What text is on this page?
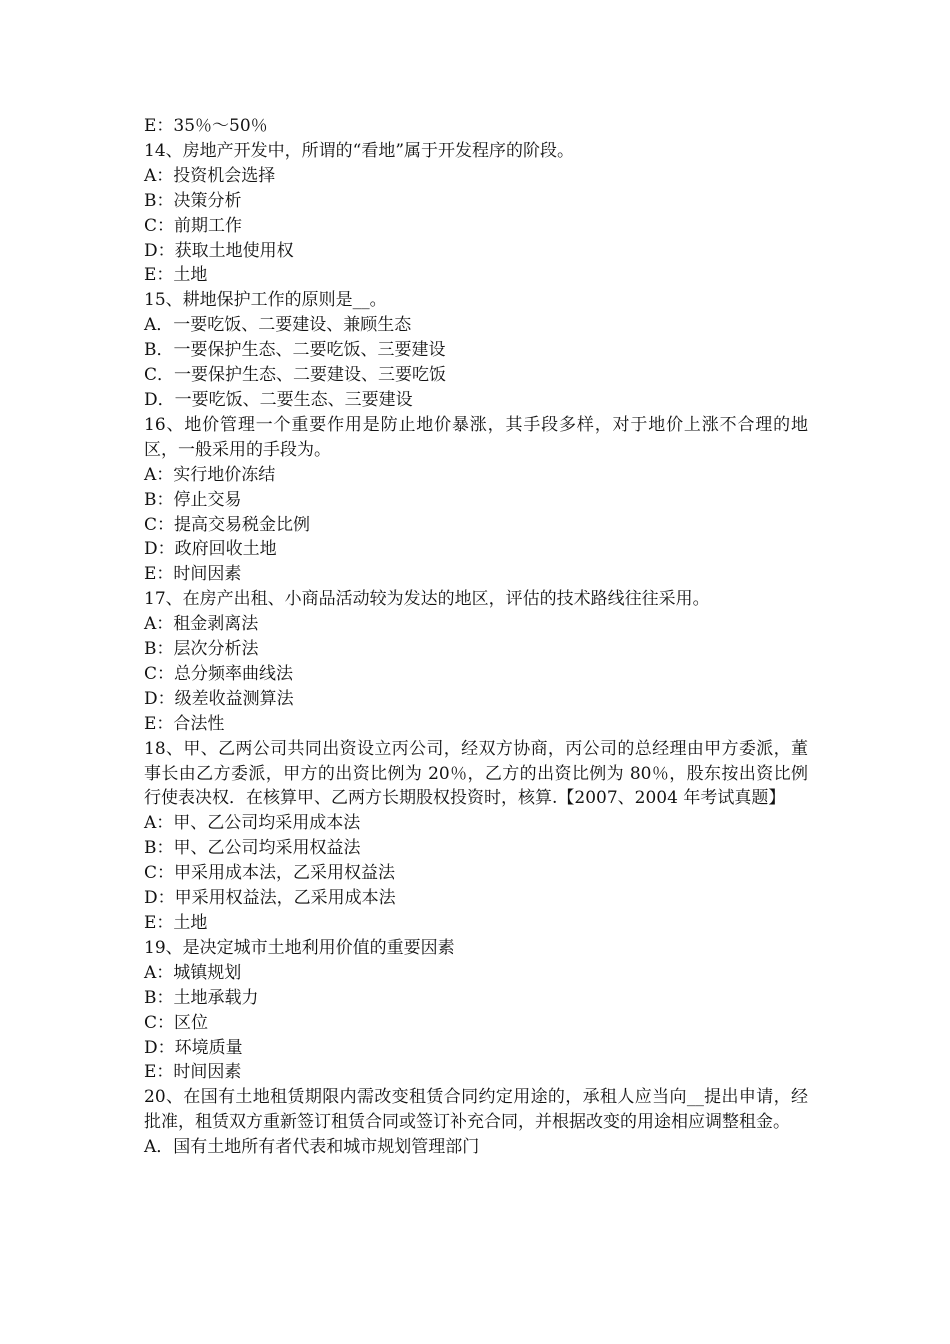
E：35％～50％
14、房地产开发中，所谓的“看地”属于开发程序的阶段。
A：投资机会选择
B：决策分析
C：前期工作
D：获取土地使用权
E：土地
15、耕地保护工作的原则是__。
A．一要吃饭、二要建设、兼顾生态
B．一要保护生态、二要吃饭、三要建设
C．一要保护生态、二要建设、三要吃饭
D．一要吃饭、二要生态、三要建设
16、地价管理一个重要作用是防止地价暴涨，其手段多样，对于地价上涨不合理的地区，一般采用的手段为。
A：实行地价冻结
B：停止交易
C：提高交易税金比例
D：政府回收土地
E：时间因素
17、在房产出租、小商品活动较为发达的地区，评估的技术路线往往采用。
A：租金剥离法
B：层次分析法
C：总分频率曲线法
D：级差收益测算法
E：合法性
18、甲、乙两公司共同出资设立丙公司，经双方协商，丙公司的总经理由甲方委派，董事长由乙方委派，甲方的出资比例为 20％，乙方的出资比例为 80％，股东按出资比例行使表决权．在核算甲、乙两方长期股权投资时，核算.【2007、2004 年考试真题】
A：甲、乙公司均采用成本法
B：甲、乙公司均采用权益法
C：甲采用成本法，乙采用权益法
D：甲采用权益法，乙采用成本法
E：土地
19、是决定城市土地利用价值的重要因素
A：城镇规划
B：土地承载力
C：区位
D：环境质量
E：时间因素
20、在国有土地租赁期限内需改变租赁合同约定用途的，承租人应当向__提出申请，经批准，租赁双方重新签订租赁合同或签订补充合同，并根据改变的用途相应调整租金。
A．国有土地所有者代表和城市规划管理部门
